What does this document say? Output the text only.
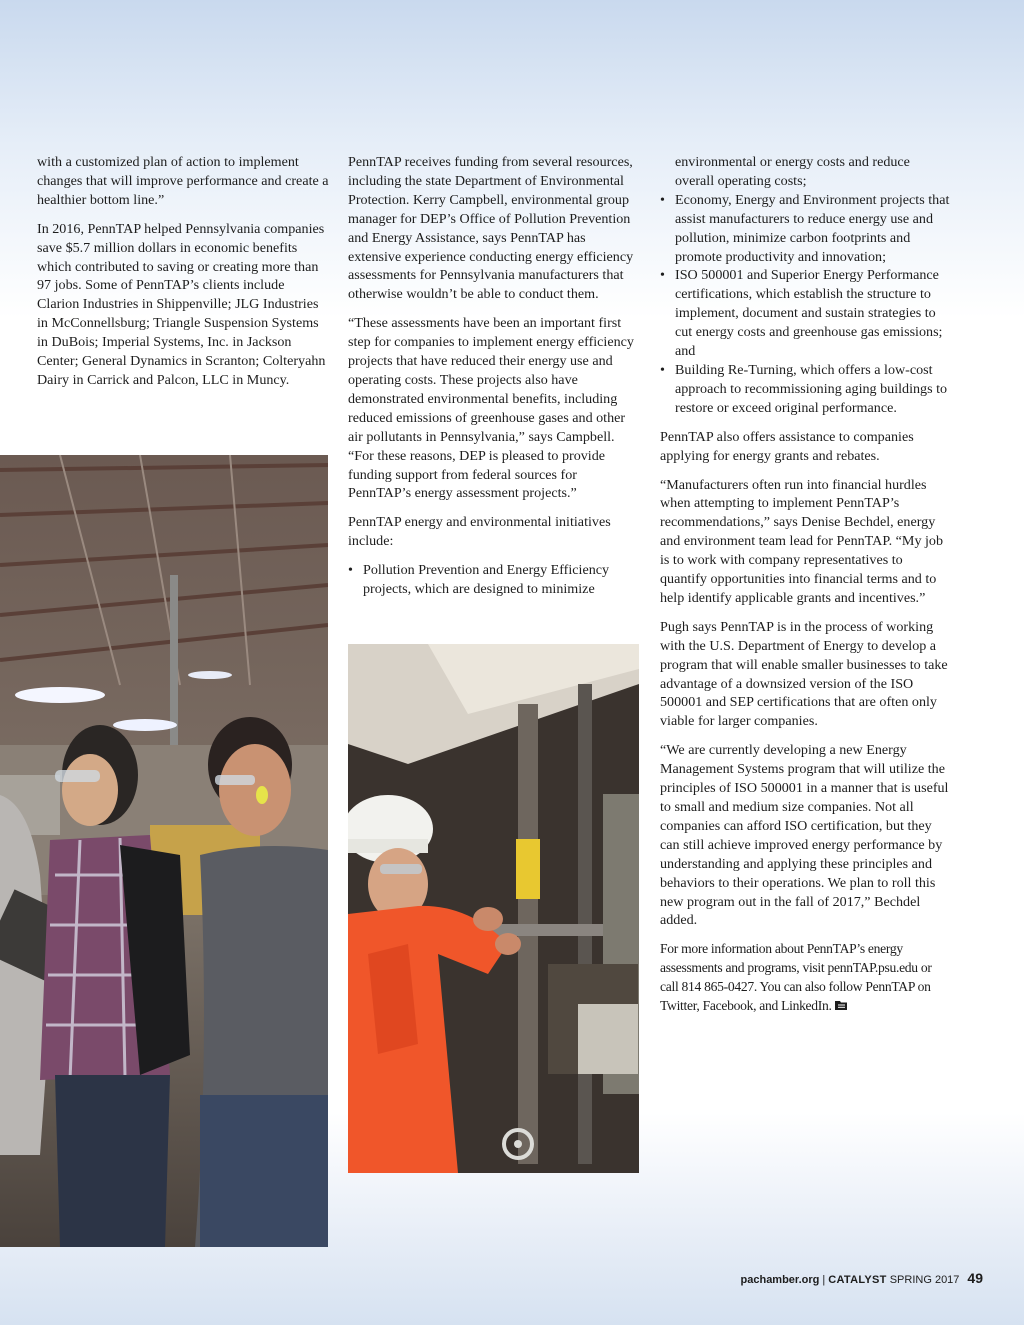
with a customized plan of action to implement changes that will improve performance and create a healthier bottom line.”

In 2016, PennTAP helped Pennsylvania companies save $5.7 million dollars in economic benefits which contributed to saving or creating more than 97 jobs. Some of PennTAP’s clients include Clarion Industries in Shippenville; JLG Industries in McConnellsburg; Triangle Suspension Systems in DuBois; Imperial Systems, Inc. in Jackson Center; General Dynamics in Scranton; Colteryahn Dairy in Carrick and Palcon, LLC in Muncy.

PennTAP receives funding from several resources, including the state Department of Environmental Protection. Kerry Campbell, environmental group manager for DEP’s Office of Pollution Prevention and Energy Assistance, says PennTAP has extensive experience conducting energy efficiency assessments for Pennsylvania manufacturers that otherwise wouldn’t be able to conduct them.

“These assessments have been an important first step for companies to implement energy efficiency projects that have reduced their energy use and operating costs. These projects also have demonstrated environmental benefits, including reduced emissions of greenhouse gases and other air pollutants in Pennsylvania,” says Campbell. “For these reasons, DEP is pleased to provide funding support from federal sources for PennTAP’s energy assessment projects.”

PennTAP energy and environmental initiatives include:

• Pollution Prevention and Energy Efficiency projects, which are designed to minimize

environmental or energy costs and reduce overall operating costs;

• Economy, Energy and Environment projects that assist manufacturers to reduce energy use and pollution, minimize carbon footprints and promote productivity and innovation;
• ISO 500001 and Superior Energy Performance certifications, which establish the structure to implement, document and sustain strategies to cut energy costs and greenhouse gas emissions; and
• Building Re-Turning, which offers a low-cost approach to recommissioning aging buildings to restore or exceed original performance.

PennTAP also offers assistance to companies applying for energy grants and rebates.

“Manufacturers often run into financial hurdles when attempting to implement PennTAP’s recommendations,” says Denise Bechdel, energy and environment team lead for PennTAP. “My job is to work with company representatives to quantify opportunities into financial terms and to help identify applicable grants and incentives.”

Pugh says PennTAP is in the process of working with the U.S. Department of Energy to develop a program that will enable smaller businesses to take advantage of a downsized version of the ISO 500001 and SEP certifications that are often only viable for larger companies.

“We are currently developing a new Energy Management Systems program that will utilize the principles of ISO 500001 in a manner that is useful to small and medium size companies. Not all companies can afford ISO certification, but they can still achieve improved energy performance by understanding and applying these principles and behaviors to their operations. We plan to roll this new program out in the fall of 2017,” Bechdel added.

For more information about PennTAP’s energy assessments and programs, visit pennTAP.psu.edu or call 814 865-0427. You can also follow PennTAP on Twitter, Facebook, and LinkedIn.

pachamber.org | CATALYST SPRING 2017 49
